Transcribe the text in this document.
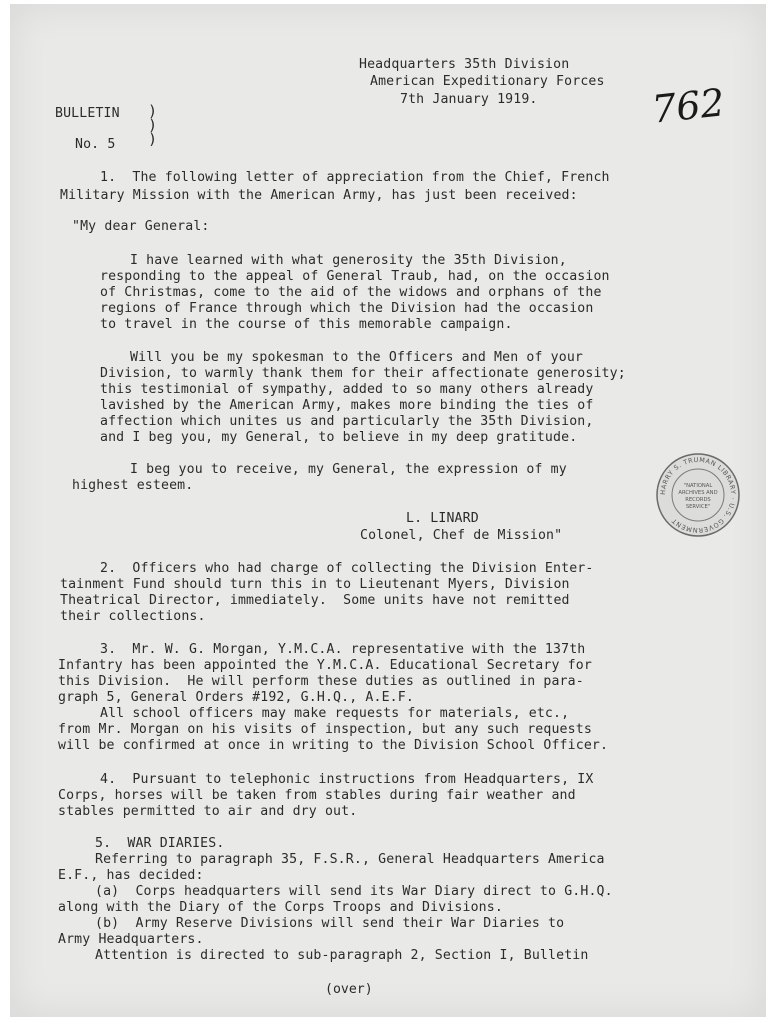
Headquarters 35th Division
American Expeditionary Forces
7th January 1919.	762
BULLETIN
No. 5
)
)
)
1.  The following letter of appreciation from the Chief, French
Military Mission with the American Army, has just been received:
"My dear General:
I have learned with what generosity the 35th Division,
responding to the appeal of General Traub, had, on the occasion
of Christmas, come to the aid of the widows and orphans of the
regions of France through which the Division had the occasion
to travel in the course of this memorable campaign.
Will you be my spokesman to the Officers and Men of your
Division, to warmly thank them for their affectionate generosity;
this testimonial of sympathy, added to so many others already
lavished by the American Army, makes more binding the ties of
affection which unites us and particularly the 35th Division,
and I beg you, my General, to believe in my deep gratitude.
I beg you to receive, my General, the expression of my
highest esteem.
L. LINARD
Colonel, Chef de Mission"
HARRY S. TRUMAN LIBRARY · U.S. GOVERNMENT
"NATIONAL
ARCHIVES AND
RECORDS
SERVICE"
2.  Officers who had charge of collecting the Division Enter-
tainment Fund should turn this in to Lieutenant Myers, Division
Theatrical Director, immediately.  Some units have not remitted
their collections.
3.  Mr. W. G. Morgan, Y.M.C.A. representative with the 137th
Infantry has been appointed the Y.M.C.A. Educational Secretary for
this Division.  He will perform these duties as outlined in para-
graph 5, General Orders #192, G.H.Q., A.E.F.
All school officers may make requests for materials, etc.,
from Mr. Morgan on his visits of inspection, but any such requests
will be confirmed at once in writing to the Division School Officer.
4.  Pursuant to telephonic instructions from Headquarters, IX
Corps, horses will be taken from stables during fair weather and
stables permitted to air and dry out.
5.  WAR DIARIES.
Referring to paragraph 35, F.S.R., General Headquarters America
E.F., has decided:
(a)  Corps headquarters will send its War Diary direct to G.H.Q.
along with the Diary of the Corps Troops and Divisions.
(b)  Army Reserve Divisions will send their War Diaries to
Army Headquarters.
Attention is directed to sub-paragraph 2, Section I, Bulletin
(over)
